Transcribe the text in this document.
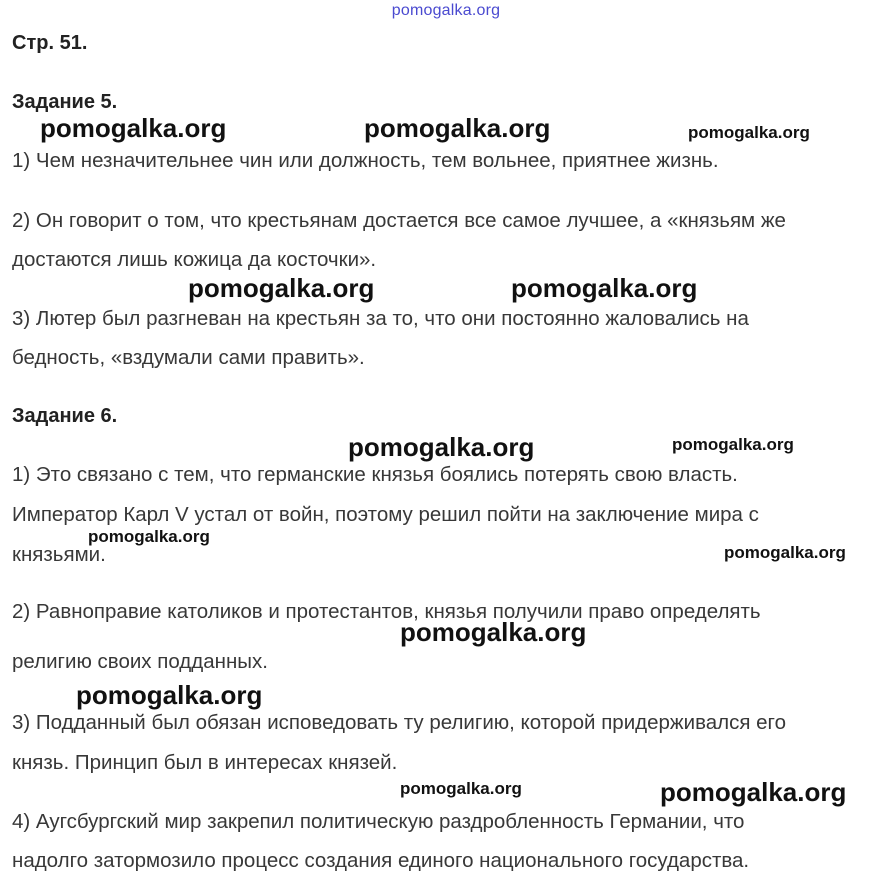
pomogalka.org
Стр. 51.
Задание 5.
1) Чем незначительнее чин или должность, тем вольнее, приятнее жизнь.
2) Он говорит о том, что крестьянам достается все самое лучшее, а «князьям же
достаются лишь кожица да косточки».
3) Лютер был разгневан на крестьян за то, что они постоянно жаловались на
бедность, «вздумали сами править».
Задание 6.
1) Это связано с тем, что германские князья боялись потерять свою власть.
Император Карл V устал от войн, поэтому решил пойти на заключение мира с
князьями.
2) Равноправие католиков и протестантов, князья получили право определять
религию своих подданных.
3) Подданный был обязан исповедовать ту религию, которой придерживался его
князь. Принцип был в интересах князей.
4) Аугсбургский мир закрепил политическую раздробленность Германии, что
надолго затормозило процесс создания единого национального государства.
pomogalka.org	pomogalka.org	pomogalka.org
pomogalka.org	pomogalka.org
pomogalka.org	pomogalka.org
pomogalka.org
pomogalka.org
pomogalka.org
pomogalka.org
pomogalka.org	pomogalka.org
